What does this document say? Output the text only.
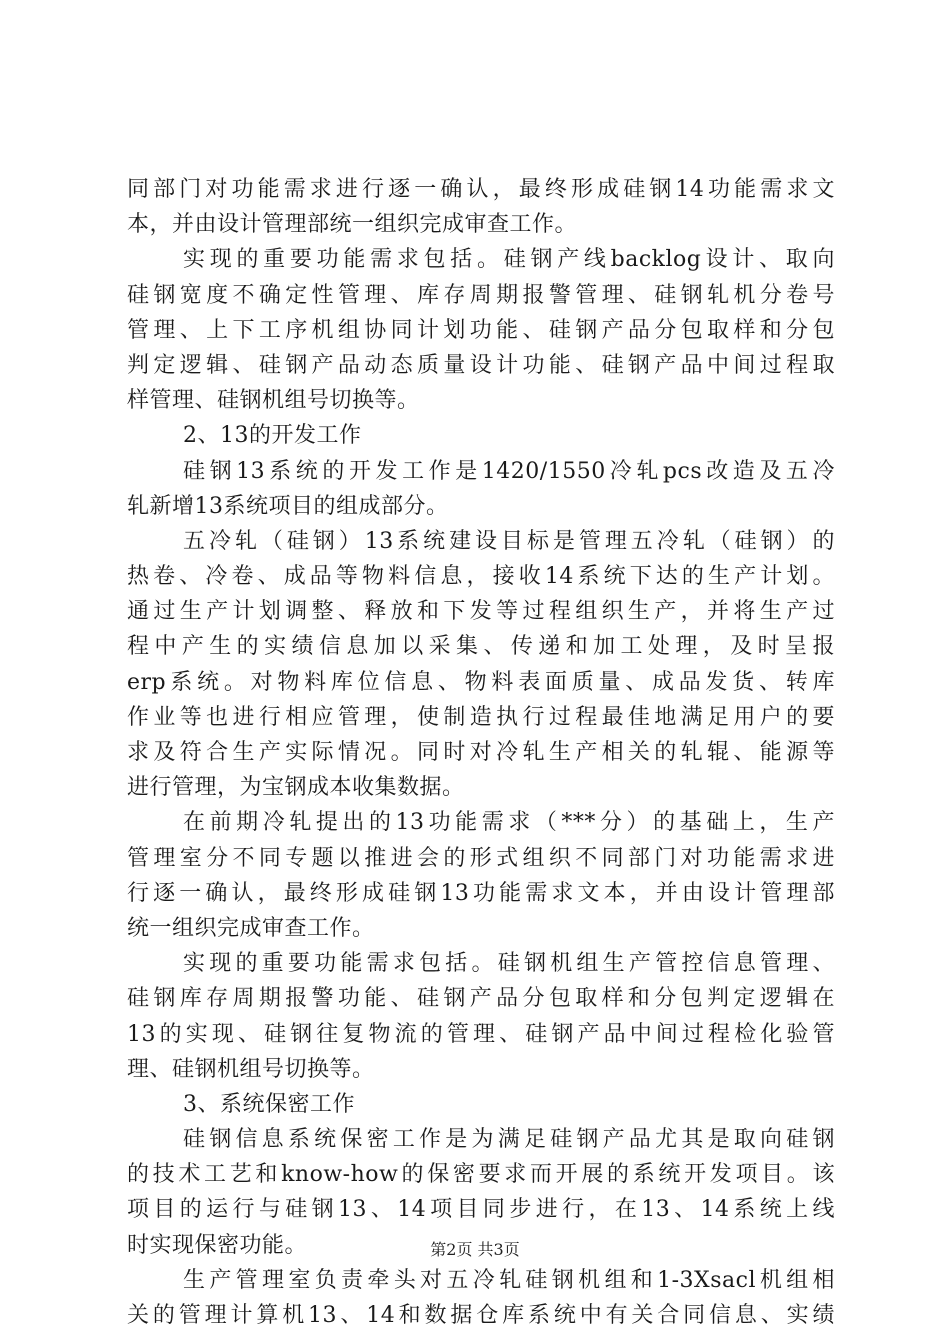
同部门对功能需求进行逐一确认，最终形成硅钢14功能需求文
本，并由设计管理部统一组织完成审查工作。
实现的重要功能需求包括。硅钢产线backlog设计、取向
硅钢宽度不确定性管理、库存周期报警管理、硅钢轧机分卷号
管理、上下工序机组协同计划功能、硅钢产品分包取样和分包
判定逻辑、硅钢产品动态质量设计功能、硅钢产品中间过程取
样管理、硅钢机组号切换等。
2、13的开发工作
硅钢13系统的开发工作是1420/1550冷轧pcs改造及五冷
轧新增13系统项目的组成部分。
五冷轧（硅钢）13系统建设目标是管理五冷轧（硅钢）的
热卷、冷卷、成品等物料信息，接收14系统下达的生产计划。
通过生产计划调整、释放和下发等过程组织生产，并将生产过
程中产生的实绩信息加以采集、传递和加工处理，及时呈报
erp系统。对物料库位信息、物料表面质量、成品发货、转库
作业等也进行相应管理，使制造执行过程最佳地满足用户的要
求及符合生产实际情况。同时对冷轧生产相关的轧辊、能源等
进行管理，为宝钢成本收集数据。
在前期冷轧提出的13功能需求（***分）的基础上，生产
管理室分不同专题以推进会的形式组织不同部门对功能需求进
行逐一确认，最终形成硅钢13功能需求文本，并由设计管理部
统一组织完成审查工作。
实现的重要功能需求包括。硅钢机组生产管控信息管理、
硅钢库存周期报警功能、硅钢产品分包取样和分包判定逻辑在
13的实现、硅钢往复物流的管理、硅钢产品中间过程检化验管
理、硅钢机组号切换等。
3、系统保密工作
硅钢信息系统保密工作是为满足硅钢产品尤其是取向硅钢
的技术工艺和know-how的保密要求而开展的系统开发项目。该
项目的运行与硅钢13、14项目同步进行，在13、14系统上线
时实现保密功能。
生产管理室负责牵头对五冷轧硅钢机组和1-3Xsacl机组相
关的管理计算机13、14和数据仓库系统中有关合同信息、实绩
第2页 共3页
